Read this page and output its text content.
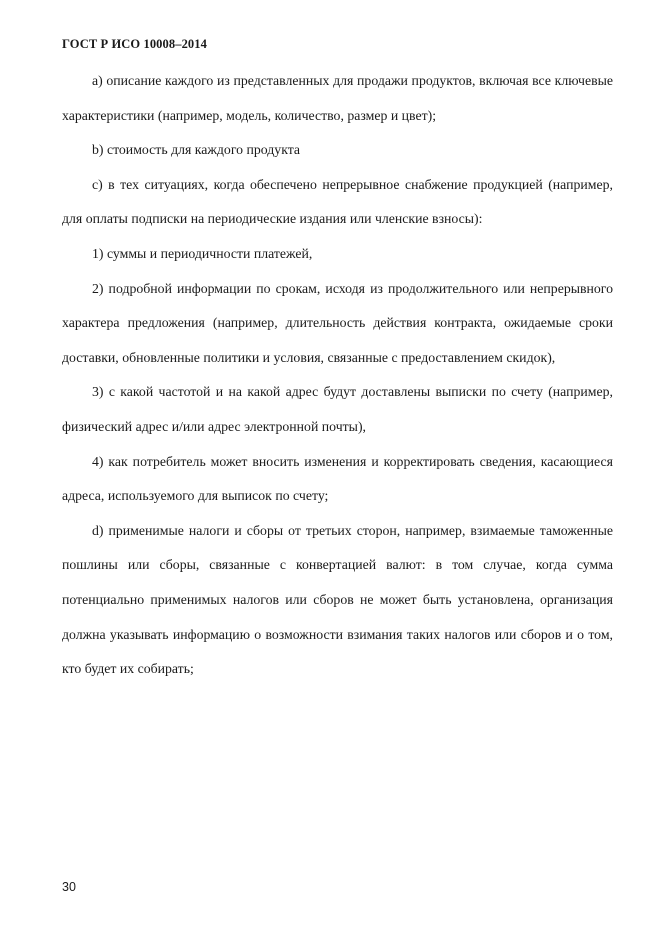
ГОСТ Р ИСО 10008–2014

a) описание каждого из представленных для продажи продуктов, включая все ключевые характеристики (например, модель, количество, размер и цвет);

b) стоимость для каждого продукта

c) в тех ситуациях, когда обеспечено непрерывное снабжение продукцией (например, для оплаты подписки на периодические издания или членские взносы):

1) суммы и периодичности платежей,

2) подробной информации по срокам, исходя из продолжительного или непрерывного характера предложения (например, длительность действия контракта, ожидаемые сроки доставки, обновленные политики и условия, связанные с предоставлением скидок),

3) с какой частотой и на какой адрес будут доставлены выписки по счету (например, физический адрес и/или адрес электронной почты),

4) как потребитель может вносить изменения и корректировать сведения, касающиеся адреса, используемого для выписок по счету;

d) применимые налоги и сборы от третьих сторон, например, взимаемые таможенные пошлины или сборы, связанные с конвертацией валют: в том случае, когда сумма потенциально применимых налогов или сборов не может быть установлена, организация должна указывать информацию о возможности взимания таких налогов или сборов и о том, кто будет их собирать;

30
